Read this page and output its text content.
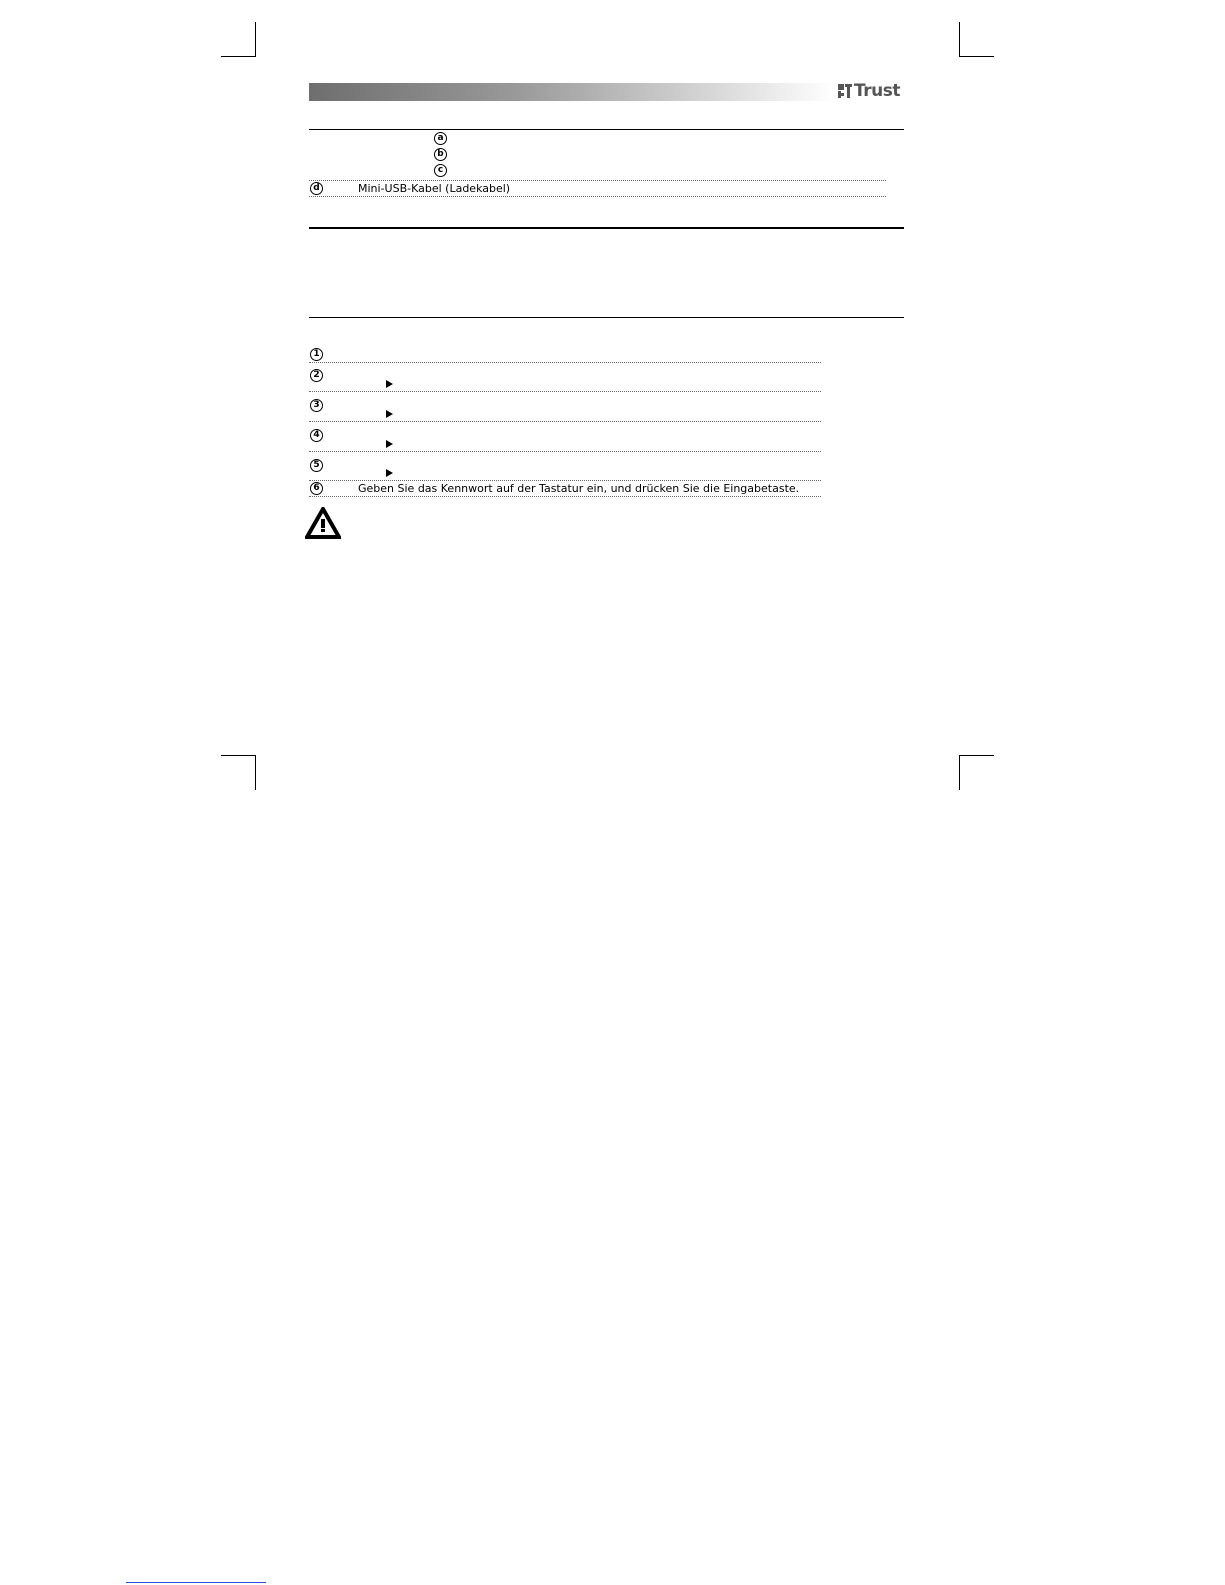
Trust
a
b
c
d	Mini-USB-Kabel (Ladekabel)
1
2
3
4
5
6	Geben Sie das Kennwort auf der Tastatur ein, und drücken Sie die Eingabetaste.
